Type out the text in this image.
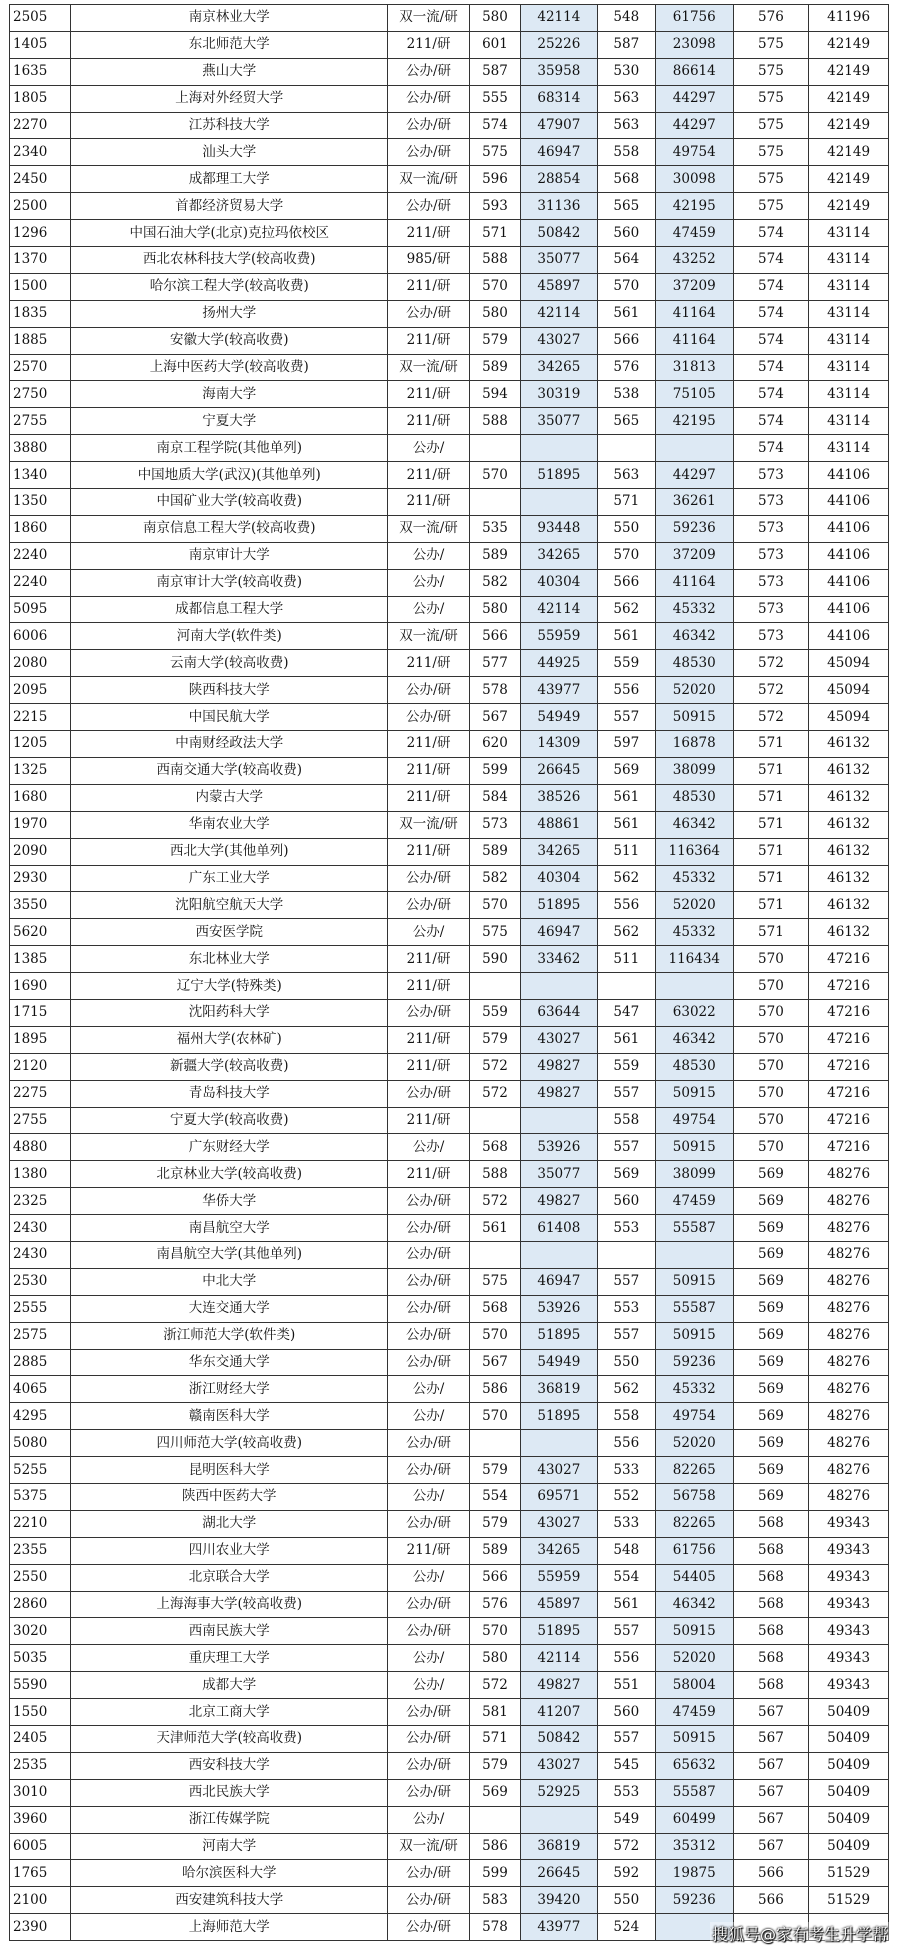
2505	南京林业大学	双一流/研	580	42114	548	61756	576	41196
1405	东北师范大学	211/研	601	25226	587	23098	575	42149
1635	燕山大学	公办/研	587	35958	530	86614	575	42149
1805	上海对外经贸大学	公办/研	555	68314	563	44297	575	42149
2270	江苏科技大学	公办/研	574	47907	563	44297	575	42149
2340	汕头大学	公办/研	575	46947	558	49754	575	42149
2450	成都理工大学	双一流/研	596	28854	568	30098	575	42149
2500	首都经济贸易大学	公办/研	593	31136	565	42195	575	42149
1296	中国石油大学(北京)克拉玛依校区	211/研	571	50842	560	47459	574	43114
1370	西北农林科技大学(较高收费)	985/研	588	35077	564	43252	574	43114
1500	哈尔滨工程大学(较高收费)	211/研	570	45897	570	37209	574	43114
1835	扬州大学	公办/研	580	42114	561	41164	574	43114
1885	安徽大学(较高收费)	211/研	579	43027	566	41164	574	43114
2570	上海中医药大学(较高收费)	双一流/研	589	34265	576	31813	574	43114
2750	海南大学	211/研	594	30319	538	75105	574	43114
2755	宁夏大学	211/研	588	35077	565	42195	574	43114
3880	南京工程学院(其他单列)	公办/					574	43114
1340	中国地质大学(武汉)(其他单列)	211/研	570	51895	563	44297	573	44106
1350	中国矿业大学(较高收费)	211/研			571	36261	573	44106
1860	南京信息工程大学(较高收费)	双一流/研	535	93448	550	59236	573	44106
2240	南京审计大学	公办/	589	34265	570	37209	573	44106
2240	南京审计大学(较高收费)	公办/	582	40304	566	41164	573	44106
5095	成都信息工程大学	公办/	580	42114	562	45332	573	44106
6006	河南大学(软件类)	双一流/研	566	55959	561	46342	573	44106
2080	云南大学(较高收费)	211/研	577	44925	559	48530	572	45094
2095	陕西科技大学	公办/研	578	43977	556	52020	572	45094
2215	中国民航大学	公办/研	567	54949	557	50915	572	45094
1205	中南财经政法大学	211/研	620	14309	597	16878	571	46132
1325	西南交通大学(较高收费)	211/研	599	26645	569	38099	571	46132
1680	内蒙古大学	211/研	584	38526	561	48530	571	46132
1970	华南农业大学	双一流/研	573	48861	561	46342	571	46132
2090	西北大学(其他单列)	211/研	589	34265	511	116364	571	46132
2930	广东工业大学	公办/研	582	40304	562	45332	571	46132
3550	沈阳航空航天大学	公办/研	570	51895	556	52020	571	46132
5620	西安医学院	公办/	575	46947	562	45332	571	46132
1385	东北林业大学	211/研	590	33462	511	116434	570	47216
1690	辽宁大学(特殊类)	211/研					570	47216
1715	沈阳药科大学	公办/研	559	63644	547	63022	570	47216
1895	福州大学(农林矿)	211/研	579	43027	561	46342	570	47216
2120	新疆大学(较高收费)	211/研	572	49827	559	48530	570	47216
2275	青岛科技大学	公办/研	572	49827	557	50915	570	47216
2755	宁夏大学(较高收费)	211/研			558	49754	570	47216
4880	广东财经大学	公办/	568	53926	557	50915	570	47216
1380	北京林业大学(较高收费)	211/研	588	35077	569	38099	569	48276
2325	华侨大学	公办/研	572	49827	560	47459	569	48276
2430	南昌航空大学	公办/研	561	61408	553	55587	569	48276
2430	南昌航空大学(其他单列)	公办/研					569	48276
2530	中北大学	公办/研	575	46947	557	50915	569	48276
2555	大连交通大学	公办/研	568	53926	553	55587	569	48276
2575	浙江师范大学(软件类)	公办/研	570	51895	557	50915	569	48276
2885	华东交通大学	公办/研	567	54949	550	59236	569	48276
4065	浙江财经大学	公办/	586	36819	562	45332	569	48276
4295	赣南医科大学	公办/	570	51895	558	49754	569	48276
5080	四川师范大学(较高收费)	公办/研			556	52020	569	48276
5255	昆明医科大学	公办/研	579	43027	533	82265	569	48276
5375	陕西中医药大学	公办/	554	69571	552	56758	569	48276
2210	湖北大学	公办/研	579	43027	533	82265	568	49343
2355	四川农业大学	211/研	589	34265	548	61756	568	49343
2550	北京联合大学	公办/	566	55959	554	54405	568	49343
2860	上海海事大学(较高收费)	公办/研	576	45897	561	46342	568	49343
3020	西南民族大学	公办/研	570	51895	557	50915	568	49343
5035	重庆理工大学	公办/	580	42114	556	52020	568	49343
5590	成都大学	公办/	572	49827	551	58004	568	49343
1550	北京工商大学	公办/研	581	41207	560	47459	567	50409
2405	天津师范大学(较高收费)	公办/研	571	50842	557	50915	567	50409
2535	西安科技大学	公办/研	579	43027	545	65632	567	50409
3010	西北民族大学	公办/研	569	52925	553	55587	567	50409
3960	浙江传媒学院	公办/			549	60499	567	50409
6005	河南大学	双一流/研	586	36819	572	35312	567	50409
1765	哈尔滨医科大学	公办/研	599	26645	592	19875	566	51529
2100	西安建筑科技大学	公办/研	583	39420	550	59236	566	51529
2390	上海师范大学	公办/研	578	43977	524				搜狐号@家有考生升学帮
